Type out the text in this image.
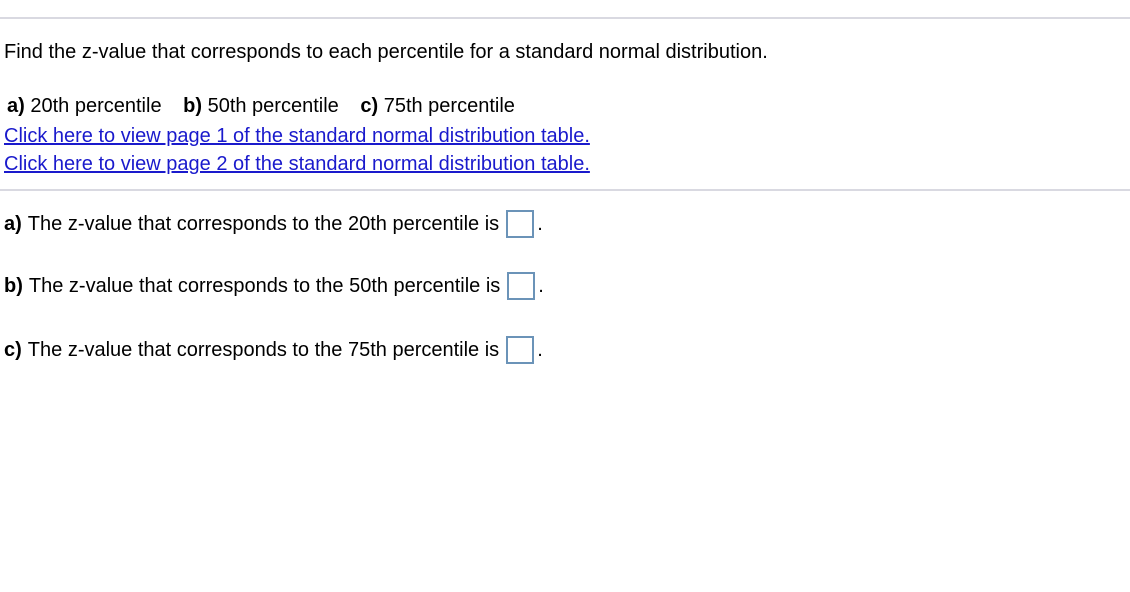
Find the z-value that corresponds to each percentile for a standard normal distribution.
a) 20th percentile b) 50th percentile c) 75th percentile
Click here to view page 1 of the standard normal distribution table.
Click here to view page 2 of the standard normal distribution table.
a) The z-value that corresponds to the 20th percentile is .
b) The z-value that corresponds to the 50th percentile is .
c) The z-value that corresponds to the 75th percentile is .
